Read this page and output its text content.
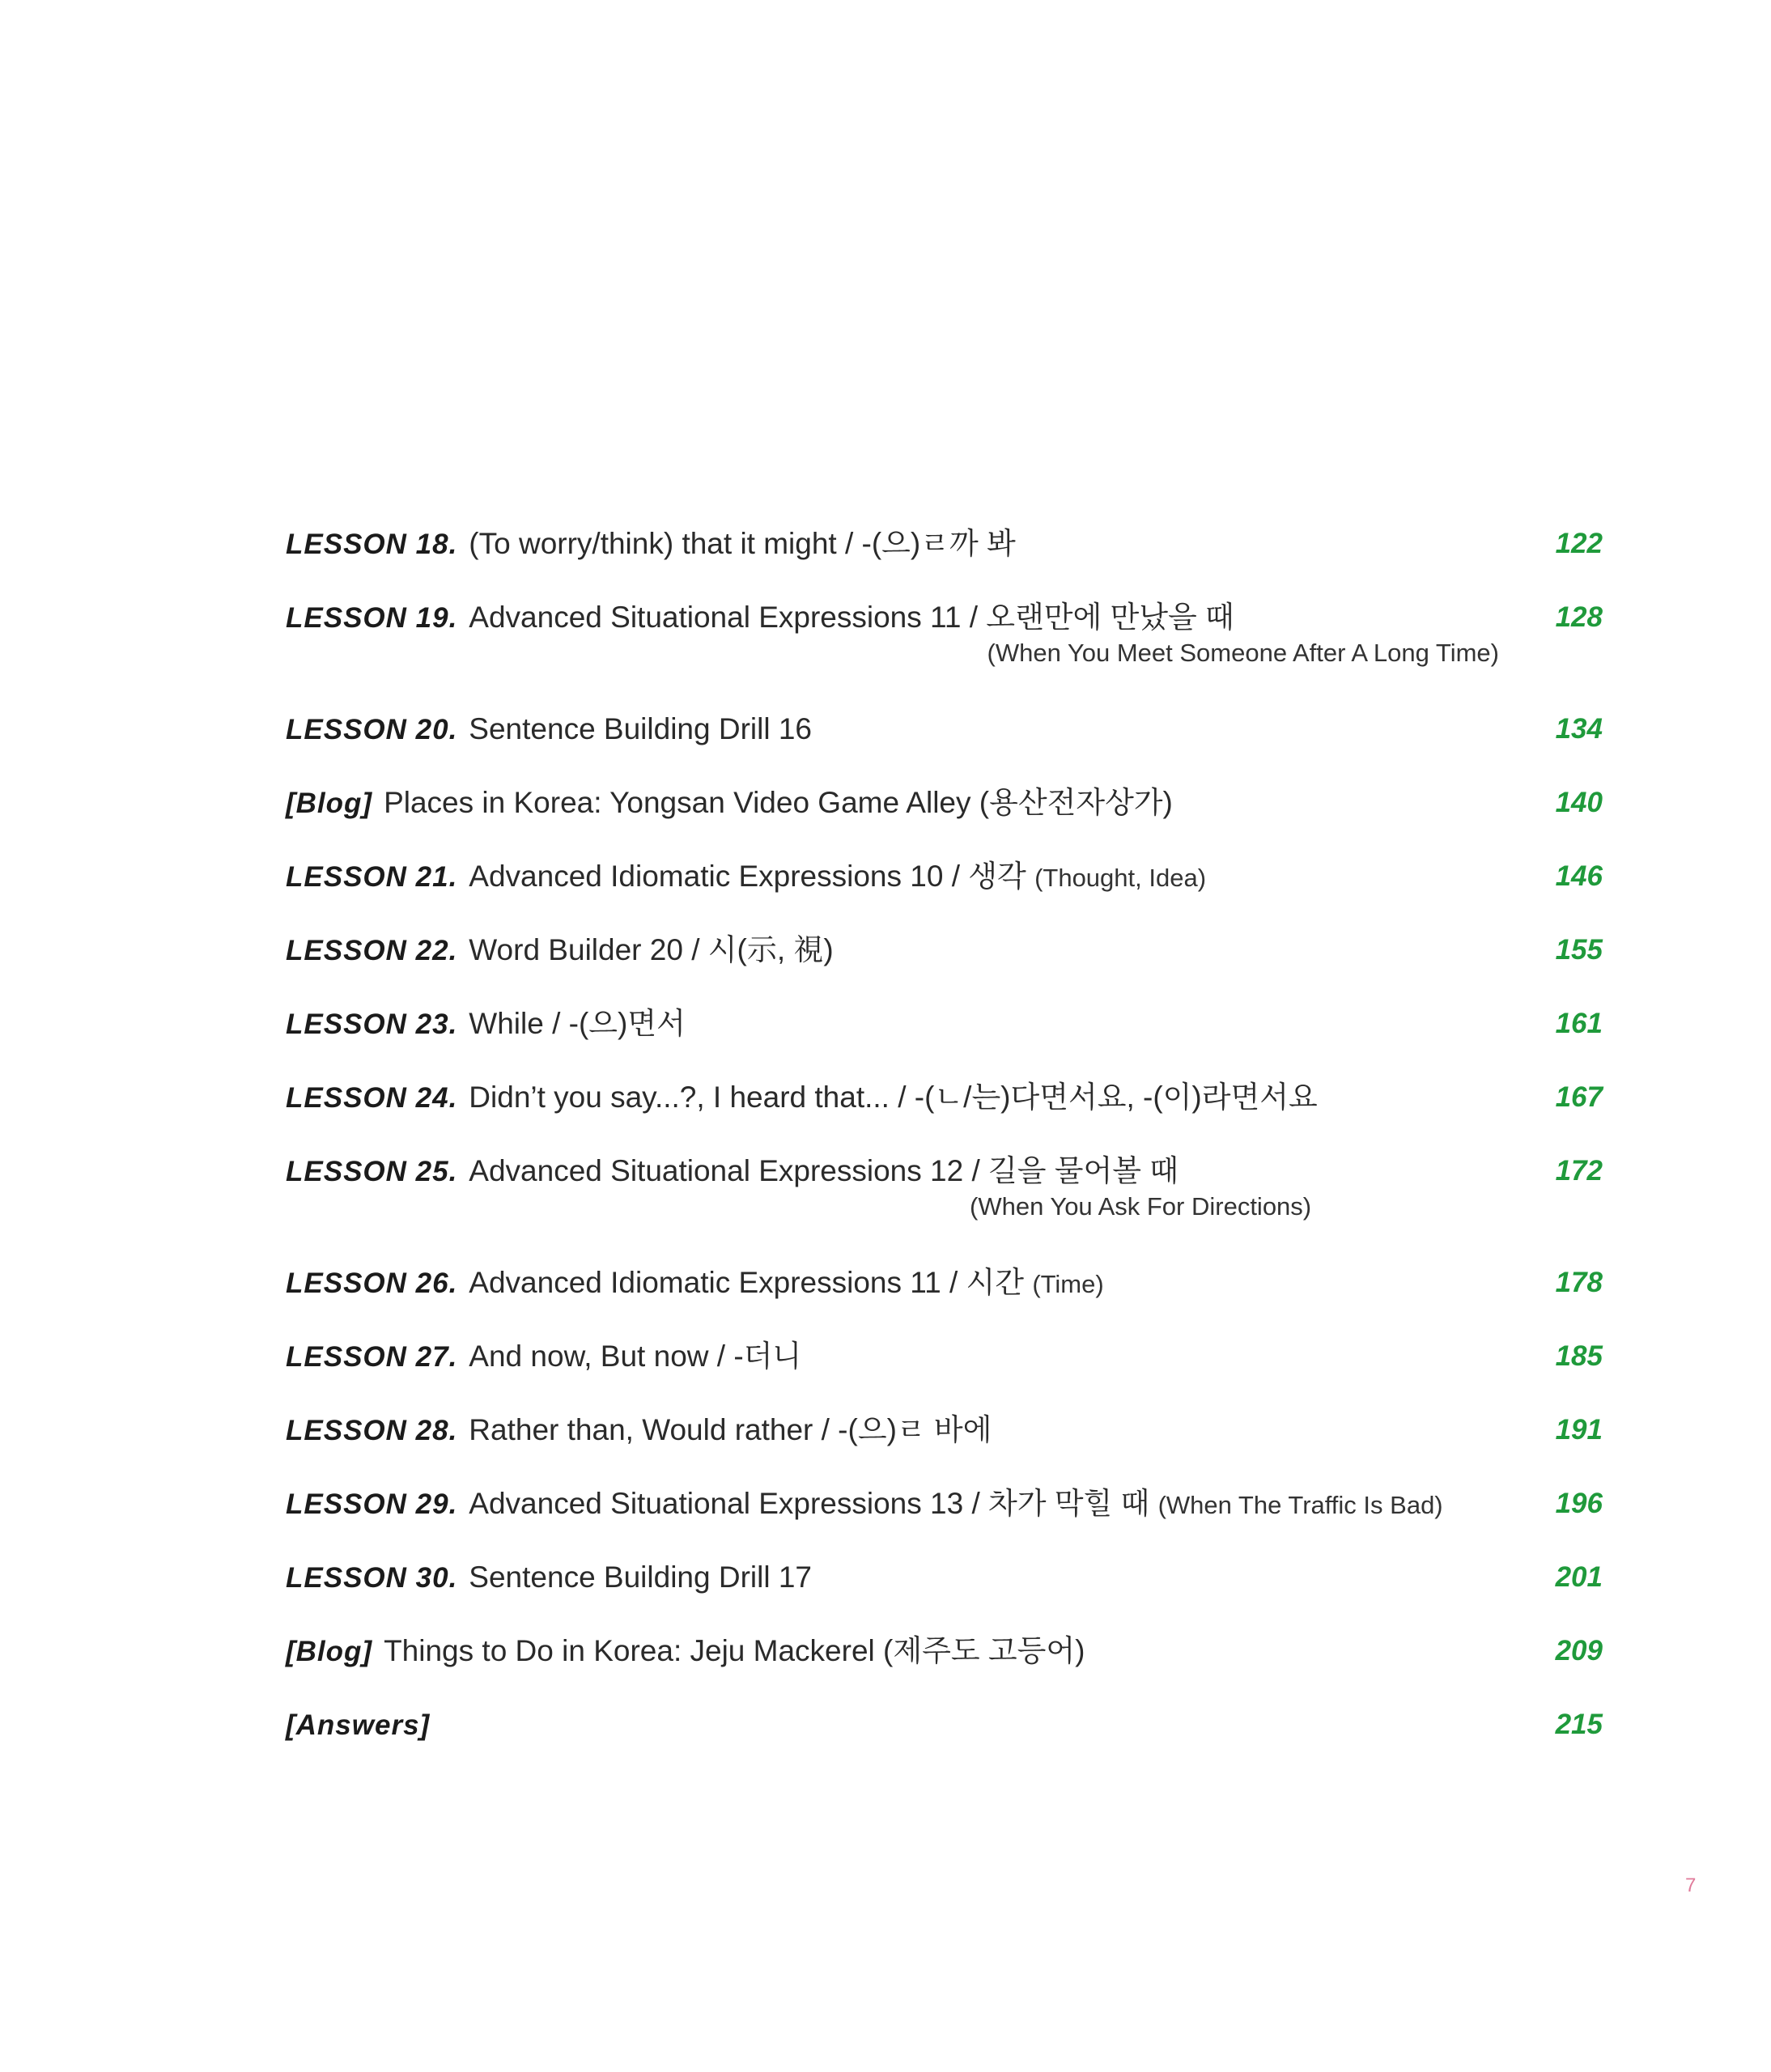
LESSON 18. (To worry/think) that it might / -(으)ㄹ까 봐	122
LESSON 19. Advanced Situational Expressions 11 / 오랜만에 만났을 때	128
(When You Meet Someone After A Long Time)
LESSON 20. Sentence Building Drill 16	134
[Blog] Places in Korea: Yongsan Video Game Alley (용산전자상가)	140
LESSON 21. Advanced Idiomatic Expressions 10 / 생각 (Thought, Idea)	146
LESSON 22. Word Builder 20 / 시(示, 視)	155
LESSON 23. While / -(으)면서	161
LESSON 24. Didn’t you say...?, I heard that... / -(ㄴ/는)다면서요, -(이)라면서요	167
LESSON 25. Advanced Situational Expressions 12 / 길을 물어볼 때	172
(When You Ask For Directions)
LESSON 26. Advanced Idiomatic Expressions 11 / 시간 (Time)	178
LESSON 27. And now, But now / -더니	185
LESSON 28. Rather than, Would rather / -(으)ㄹ 바에	191
LESSON 29. Advanced Situational Expressions 13 / 차가 막힐 때 (When The Traffic Is Bad)	196
LESSON 30. Sentence Building Drill 17	201
[Blog] Things to Do in Korea: Jeju Mackerel (제주도 고등어)	209
[Answers]	215
7
